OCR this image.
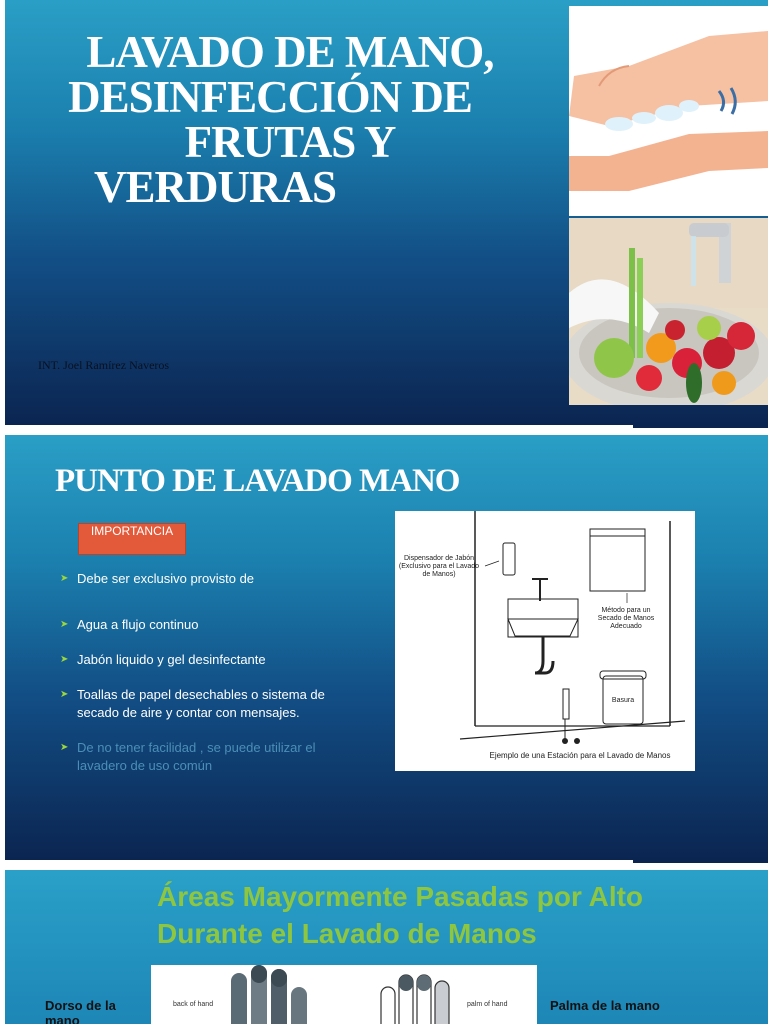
LAVADO DE MANO,
DESINFECCIÓN DE
FRUTAS Y
VERDURAS
INT. Joel Ramírez Naveros
PUNTO DE LAVADO MANO
IMPORTANCIA
➤ Debe ser exclusivo provisto de
➤ Agua a flujo continuo
➤ Jabón liquido y gel desinfectante
➤ Toallas de papel desechables o sistema de secado de aire y contar con mensajes.
➤ De no tener facilidad , se puede utilizar el lavadero de uso común
Dispensador de Jabón (Exclusivo para el Lavado de Manos)
Método para un Secado de Manos Adecuado
Basura
Ejemplo de una Estación para el Lavado de Manos
Áreas Mayormente Pasadas por Alto
Durante el Lavado de Manos
Dorso de la mano
Palma de la mano
back of hand	palm of hand
